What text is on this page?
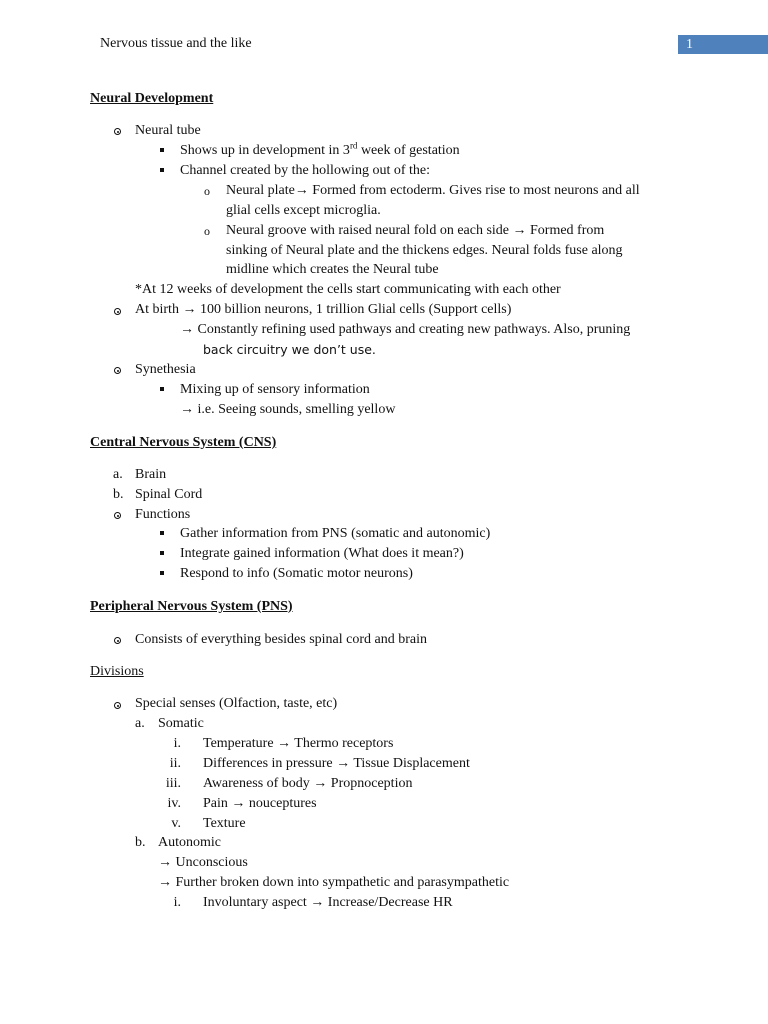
Nervous tissue and the like	1
Neural Development
Neural tube
Shows up in development in 3rd week of gestation
Channel created by the hollowing out of the:
o Neural plate→ Formed from ectoderm. Gives rise to most neurons and all
glial cells except microglia.
o Neural groove with raised neural fold on each side → Formed from
sinking of Neural plate and the thickens edges. Neural folds fuse along
midline which creates the Neural tube
*At 12 weeks of development the cells start communicating with each other
At birth → 100 billion neurons, 1 trillion Glial cells (Support cells)
→ Constantly refining used pathways and creating new pathways. Also, pruning
back circuitry we don’t use.
Synethesia
Mixing up of sensory information
→ i.e. Seeing sounds, smelling yellow
Central Nervous System (CNS)
a. Brain
b. Spinal Cord
Functions
Gather information from PNS (somatic and autonomic)
Integrate gained information (What does it mean?)
Respond to info (Somatic motor neurons)
Peripheral Nervous System (PNS)
Consists of everything besides spinal cord and brain
Divisions
Special senses (Olfaction, taste, etc)
a. Somatic
i. Temperature → Thermo receptors
ii. Differences in pressure → Tissue Displacement
iii. Awareness of body → Propnoception
iv. Pain → nouceptures
v. Texture
b. Autonomic
→ Unconscious
→ Further broken down into sympathetic and parasympathetic
i. Involuntary aspect → Increase/Decrease HR
